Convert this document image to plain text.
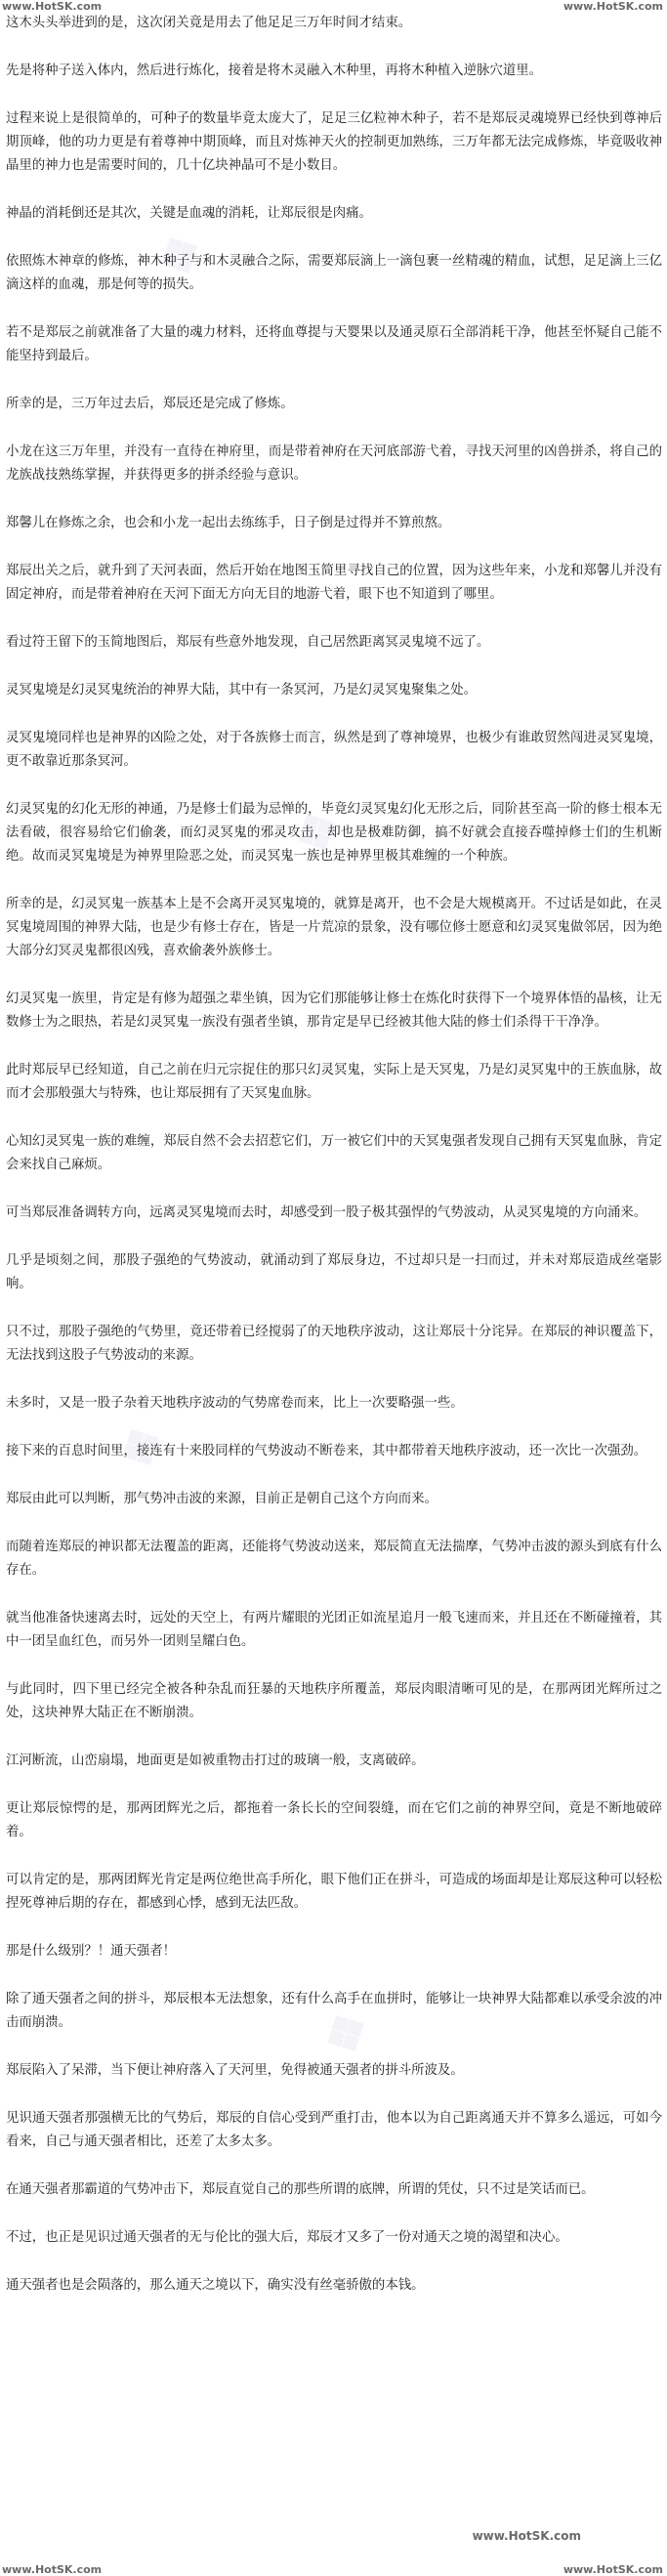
www.HotSK.com	www.HotSK.com
www.HotSK.com	www.HotSK.com
www.HotSK.com
❖
❖
❖
❖

这木头头举进到的是，这次闭关竟是用去了他足足三万年时间才结束。

先是将种子送入体内，然后进行炼化，接着是将木灵融入木种里，再将木种植入逆脉穴道里。

过程来说上是很简单的，可种子的数量毕竟太庞大了，足足三亿粒神木种子，若不是郑辰灵魂境界已经快到尊神后期顶峰，他的功力更是有着尊神中期顶峰，而且对炼神天火的控制更加熟练，三万年都无法完成修炼，毕竟吸收神晶里的神力也是需要时间的，几十亿块神晶可不是小数目。

神晶的消耗倒还是其次，关键是血魂的消耗，让郑辰很是肉痛。

依照炼木神章的修炼，神木种子与和木灵融合之际，需要郑辰滴上一滴包裹一丝精魂的精血，试想，足足滴上三亿滴这样的血魂，那是何等的损失。

若不是郑辰之前就准备了大量的魂力材料，还将血尊提与天婴果以及通灵原石全部消耗干净，他甚至怀疑自己能不能坚持到最后。

所幸的是，三万年过去后，郑辰还是完成了修炼。

小龙在这三万年里，并没有一直待在神府里，而是带着神府在天河底部游弋着，寻找天河里的凶兽拼杀，将自己的龙族战技熟练掌握，并获得更多的拼杀经验与意识。

郑馨儿在修炼之余，也会和小龙一起出去练练手，日子倒是过得并不算煎熬。

郑辰出关之后，就升到了天河表面，然后开始在地图玉简里寻找自己的位置，因为这些年来，小龙和郑馨儿并没有固定神府，而是带着神府在天河下面无方向无目的地游弋着，眼下也不知道到了哪里。

看过符王留下的玉简地图后，郑辰有些意外地发现，自己居然距离冥灵鬼境不远了。

灵冥鬼境是幻灵冥鬼统治的神界大陆，其中有一条冥河，乃是幻灵冥鬼聚集之处。

灵冥鬼境同样也是神界的凶险之处，对于各族修士而言，纵然是到了尊神境界，也极少有谁敢贸然闯进灵冥鬼境，更不敢靠近那条冥河。

幻灵冥鬼的幻化无形的神通，乃是修士们最为忌惮的，毕竟幻灵冥鬼幻化无形之后，同阶甚至高一阶的修士根本无法看破，很容易给它们偷袭，而幻灵冥鬼的邪灵攻击，却也是极难防御，搞不好就会直接吞噬掉修士们的生机断绝。故而灵冥鬼境是为神界里险恶之处，而灵冥鬼一族也是神界里极其难缠的一个种族。

所幸的是，幻灵冥鬼一族基本上是不会离开灵冥鬼境的，就算是离开，也不会是大规模离开。不过话是如此，在灵冥鬼境周围的神界大陆，也是少有修士存在，皆是一片荒凉的景象，没有哪位修士愿意和幻灵冥鬼做邻居，因为绝大部分幻冥灵鬼都很凶残，喜欢偷袭外族修士。

幻灵冥鬼一族里，肯定是有修为超强之辈坐镇，因为它们那能够让修士在炼化时获得下一个境界体悟的晶核，让无数修士为之眼热，若是幻灵冥鬼一族没有强者坐镇，那肯定是早已经被其他大陆的修士们杀得干干净净。

此时郑辰早已经知道，自己之前在归元宗捉住的那只幻灵冥鬼，实际上是天冥鬼，乃是幻灵冥鬼中的王族血脉，故而才会那般强大与特殊，也让郑辰拥有了天冥鬼血脉。

心知幻灵冥鬼一族的难缠，郑辰自然不会去招惹它们，万一被它们中的天冥鬼强者发现自己拥有天冥鬼血脉，肯定会来找自己麻烦。

可当郑辰准备调转方向，远离灵冥鬼境而去时，却感受到一股子极其强悍的气势波动，从灵冥鬼境的方向涌来。

几乎是顷刻之间，那股子强绝的气势波动，就涌动到了郑辰身边，不过却只是一扫而过，并未对郑辰造成丝毫影响。

只不过，那股子强绝的气势里，竟还带着已经搅弱了的天地秩序波动，这让郑辰十分诧异。在郑辰的神识覆盖下，无法找到这股子气势波动的来源。

未多时，又是一股子杂着天地秩序波动的气势席卷而来，比上一次要略强一些。

接下来的百息时间里，接连有十来股同样的气势波动不断卷来，其中都带着天地秩序波动，还一次比一次强劲。

郑辰由此可以判断，那气势冲击波的来源，目前正是朝自己这个方向而来。

而随着连郑辰的神识都无法覆盖的距离，还能将气势波动送来，郑辰简直无法揣摩，气势冲击波的源头到底有什么存在。

就当他准备快速离去时，远处的天空上，有两片耀眼的光团正如流星追月一般飞速而来，并且还在不断碰撞着，其中一团呈血红色，而另外一团则呈耀白色。

与此同时，四下里已经完全被各种杂乱而狂暴的天地秩序所覆盖，郑辰肉眼清晰可见的是，在那两团光辉所过之处，这块神界大陆正在不断崩溃。

江河断流，山峦扇塌，地面更是如被重物击打过的玻璃一般，支离破碎。

更让郑辰惊愕的是，那两团辉光之后，都拖着一条长长的空间裂缝，而在它们之前的神界空间，竟是不断地破碎着。

可以肯定的是，那两团辉光肯定是两位绝世高手所化，眼下他们正在拼斗，可造成的场面却是让郑辰这种可以轻松捏死尊神后期的存在，都感到心悸，感到无法匹敌。

那是什么级别？！通天强者！

除了通天强者之间的拼斗，郑辰根本无法想象，还有什么高手在血拼时，能够让一块神界大陆都难以承受余波的冲击而崩溃。

郑辰陷入了呆滞，当下便让神府落入了天河里，免得被通天强者的拼斗所波及。

见识通天强者那强横无比的气势后，郑辰的自信心受到严重打击，他本以为自己距离通天并不算多么遥远，可如今看来，自己与通天强者相比，还差了太多太多。

在通天强者那霸道的气势冲击下，郑辰直觉自己的那些所谓的底牌，所谓的凭仗，只不过是笑话而已。

不过，也正是见识过通天强者的无与伦比的强大后，郑辰才又多了一份对通天之境的渴望和决心。

通天强者也是会陨落的，那么通天之境以下，确实没有丝毫骄傲的本钱。
